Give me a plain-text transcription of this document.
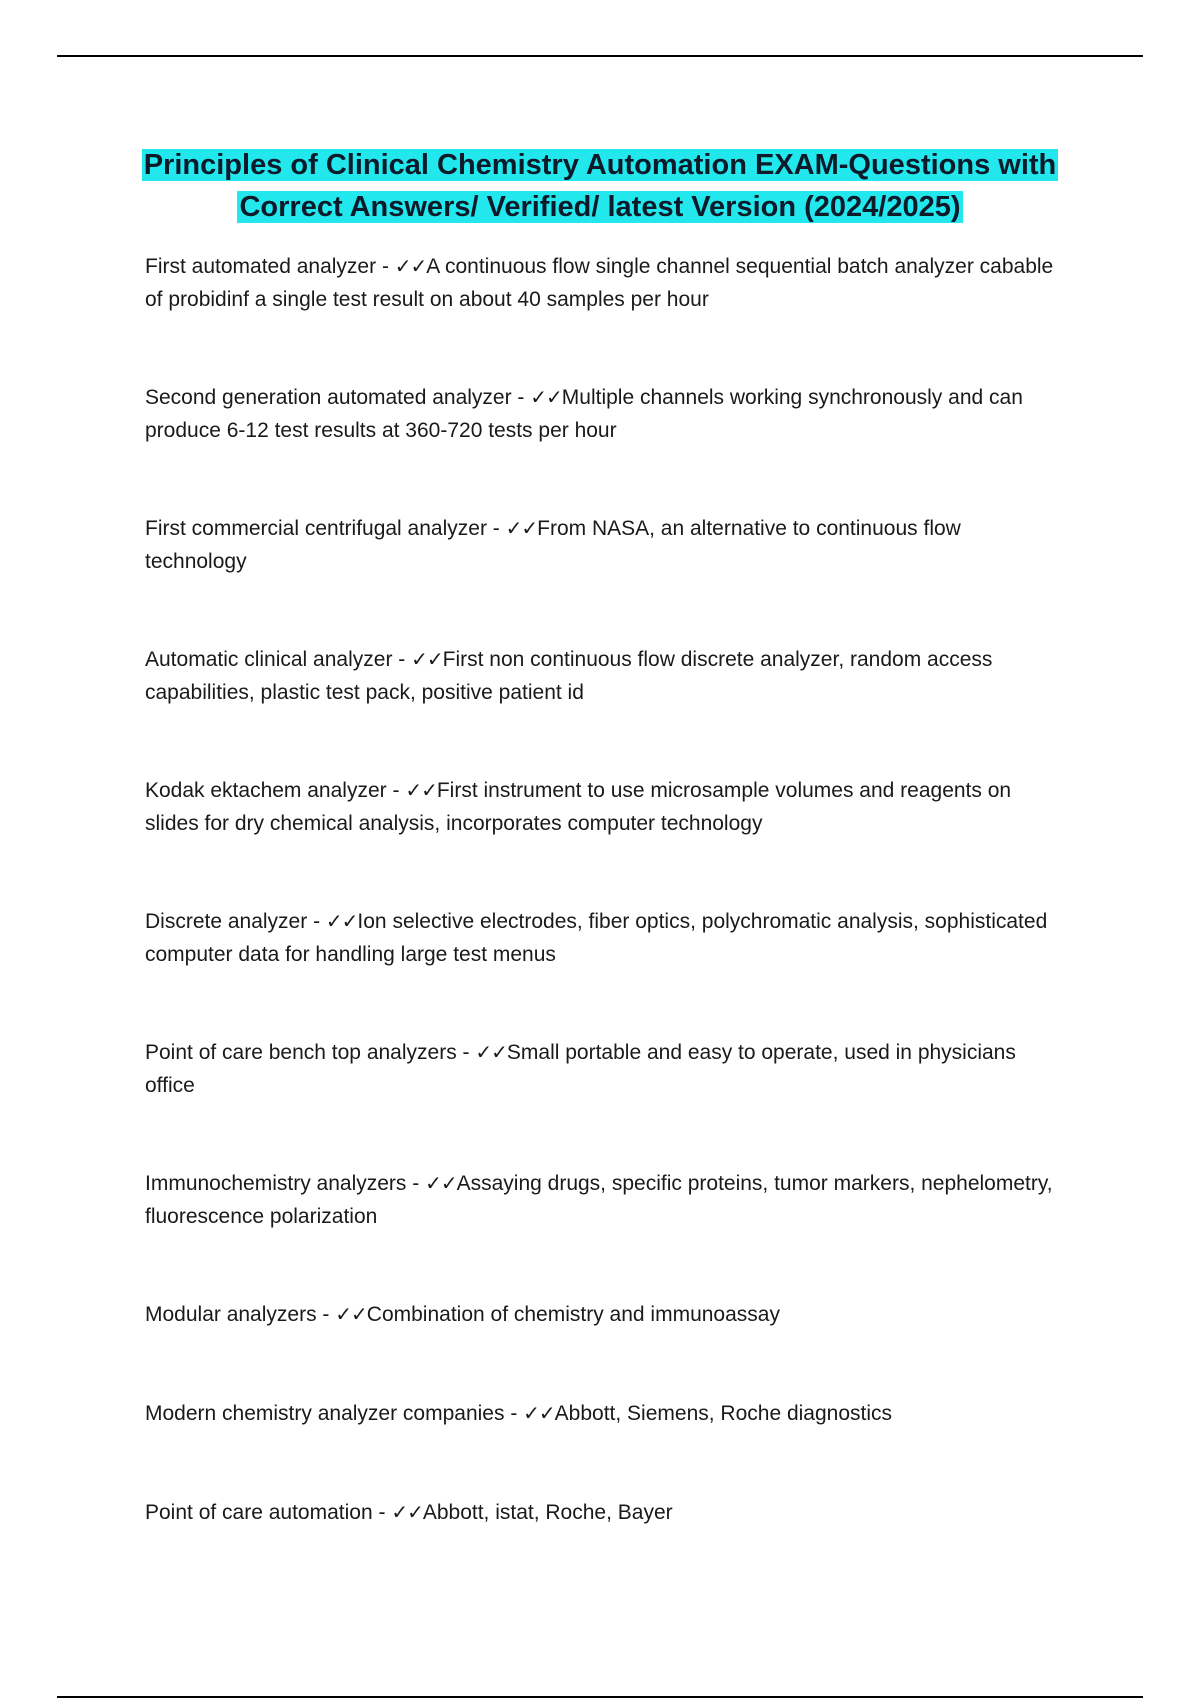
Principles of Clinical Chemistry Automation EXAM-Questions with Correct Answers/ Verified/ latest Version (2024/2025)
First automated analyzer - ✓✓A continuous flow single channel sequential batch analyzer cabable of probidinf a single test result on about 40 samples per hour
Second generation automated analyzer - ✓✓Multiple channels working synchronously and can produce 6-12 test results at 360-720 tests per hour
First commercial centrifugal analyzer - ✓✓From NASA, an alternative to continuous flow technology
Automatic clinical analyzer - ✓✓First non continuous flow discrete analyzer, random access capabilities, plastic test pack, positive patient id
Kodak ektachem analyzer - ✓✓First instrument to use microsample volumes and reagents on slides for dry chemical analysis, incorporates computer technology
Discrete analyzer - ✓✓Ion selective electrodes, fiber optics, polychromatic analysis, sophisticated computer data for handling large test menus
Point of care bench top analyzers - ✓✓Small portable and easy to operate, used in physicians office
Immunochemistry analyzers - ✓✓Assaying drugs, specific proteins, tumor markers, nephelometry, fluorescence polarization
Modular analyzers - ✓✓Combination of chemistry and immunoassay
Modern chemistry analyzer companies - ✓✓Abbott, Siemens, Roche diagnostics
Point of care automation - ✓✓Abbott, istat, Roche, Bayer
